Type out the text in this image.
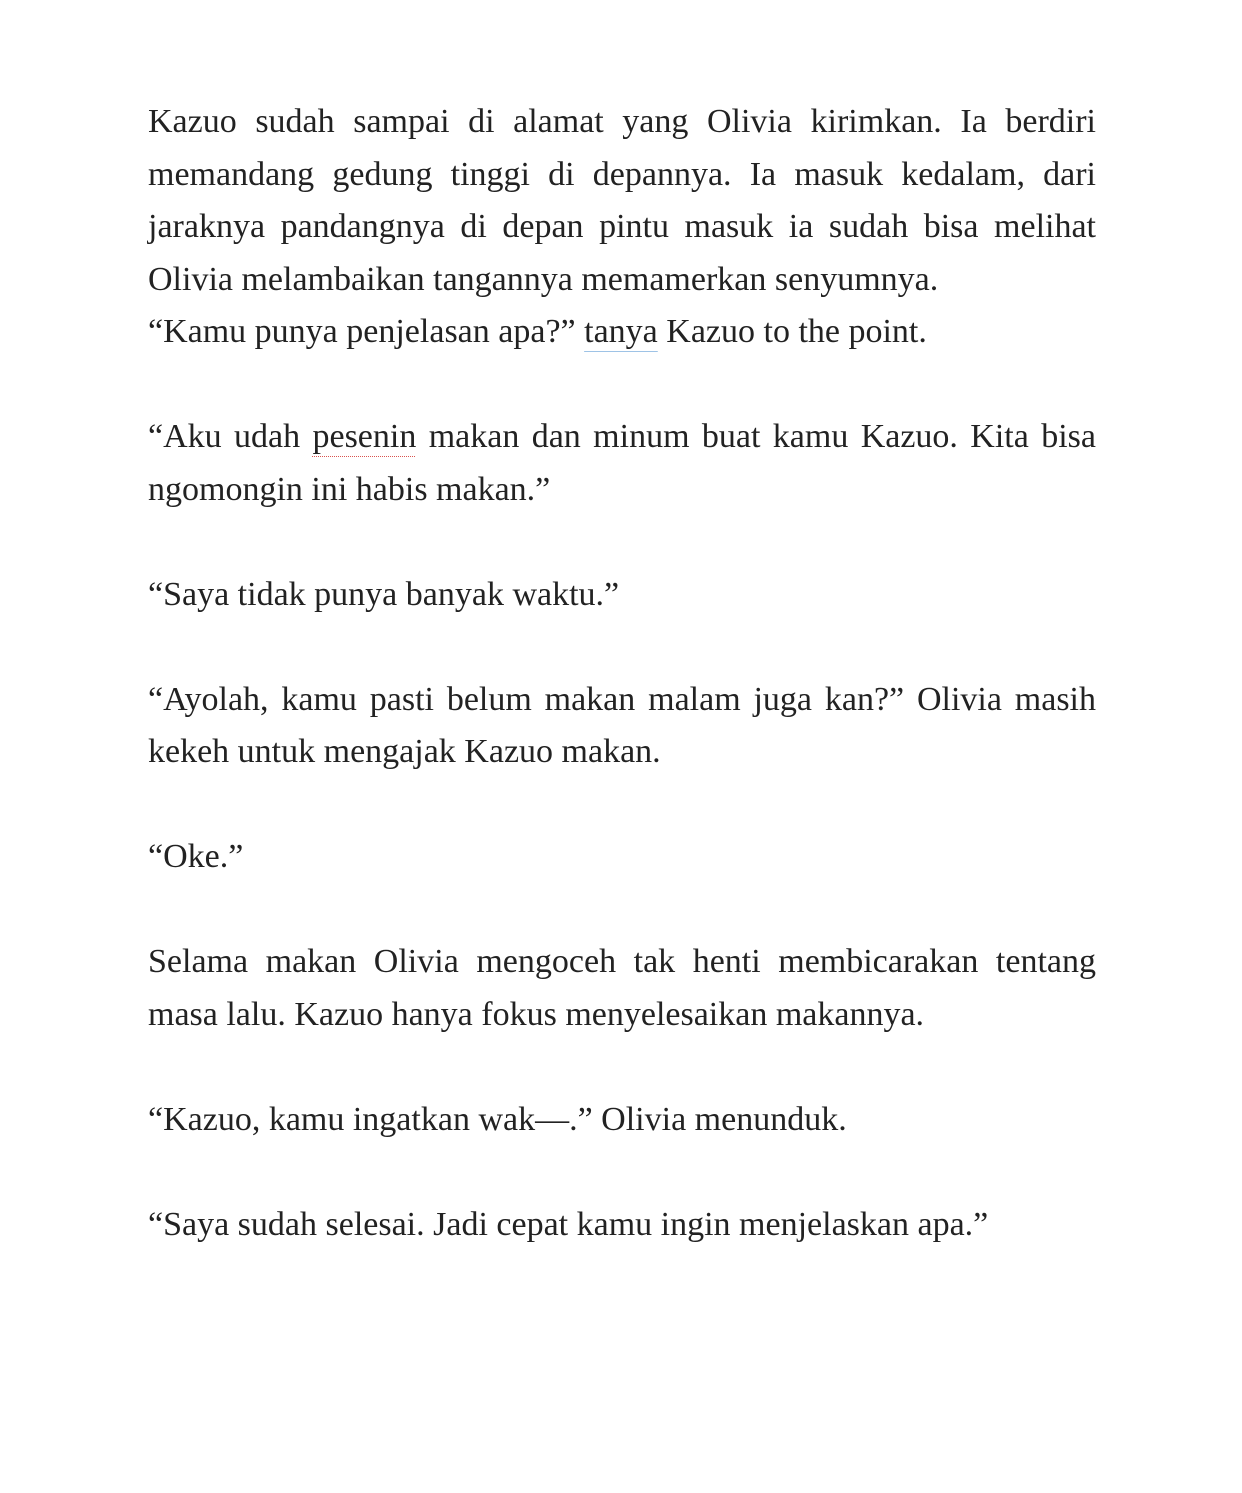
Kazuo sudah sampai di alamat yang Olivia kirimkan. Ia berdiri memandang gedung tinggi di depannya. Ia masuk kedalam, dari jaraknya pandangnya di depan pintu masuk ia sudah bisa melihat Olivia melambaikan tangannya memamerkan senyumnya.

“Kamu punya penjelasan apa?” tanya Kazuo to the point.

“Aku udah pesenin makan dan minum buat kamu Kazuo. Kita bisa ngomongin ini habis makan.”

“Saya tidak punya banyak waktu.”

“Ayolah, kamu pasti belum makan malam juga kan?” Olivia masih kekeh untuk mengajak Kazuo makan.

“Oke.”

Selama makan Olivia mengoceh tak henti membicarakan tentang masa lalu. Kazuo hanya fokus menyelesaikan makannya.

“Kazuo, kamu ingatkan wak—.” Olivia menunduk.

“Saya sudah selesai. Jadi cepat kamu ingin menjelaskan apa.”
